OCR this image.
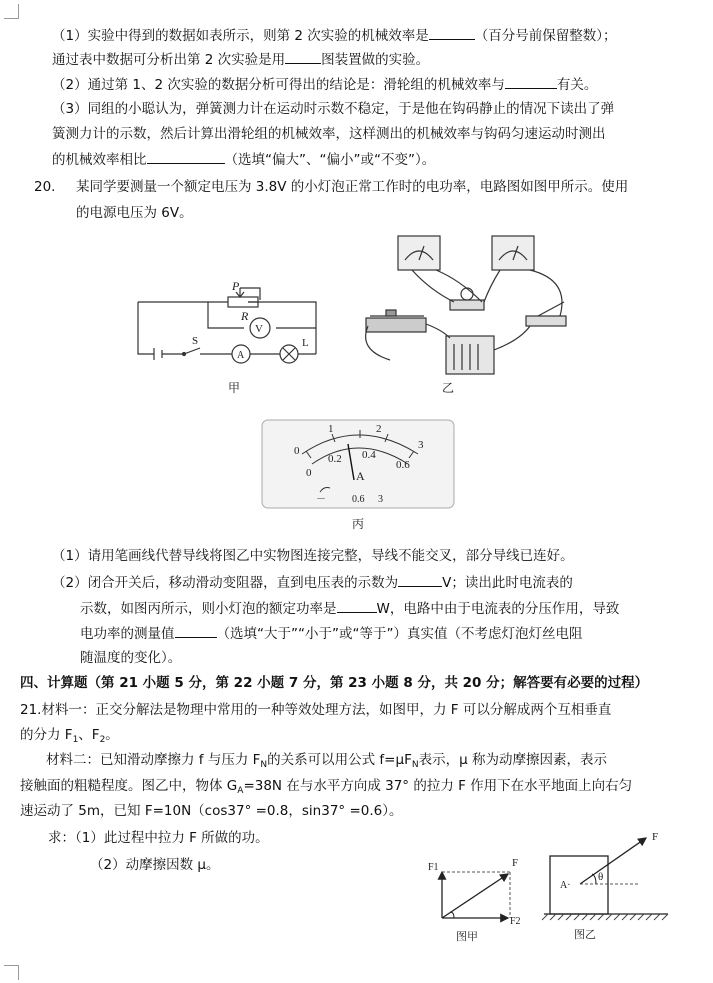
（1）实验中得到的数据如表所示，则第 2 次实验的机械效率是	（百分号前保留整数）；
通过表中数据可分析出第 2 次实验是用	图装置做的实验。
（2）通过第 1、2 次实验的数据分析可得出的结论是：滑轮组的机械效率与	有关。
（3）同组的小聪认为，弹簧测力计在运动时示数不稳定，于是他在钩码静止的情况下读出了弹
簧测力计的示数，然后计算出滑轮组的机械效率，这样测出的机械效率与钩码匀速运动时测出
的机械效率相比	（选填“偏大”、“偏小”或“不变”）。
20. 某同学要测量一个额定电压为 3.8V 的小灯泡正常工作时的电功率，电路图如图甲所示。使用
的电源电压为 6V。
P
R
V
S
A
L
甲	乙
0
1	2
3
0
0.2 0.4
0.6
A
－	0.6 3
丙
（1）请用笔画线代替导线将图乙中实物图连接完整，导线不能交叉，部分导线已连好。
（2）闭合开关后，移动滑动变阻器，直到电压表的示数为	V；读出此时电流表的
示数，如图丙所示，则小灯泡的额定功率是	W，电路中由于电流表的分压作用，导致
电功率的测量值	（选填“大于”“小于”或“等于”）真实值（不考虑灯泡灯丝电阻
随温度的变化）。
四、计算题（第 21 小题 5 分，第 22 小题 7 分，第 23 小题 8 分，共 20 分；解答要有必要的过程）
21.材料一：正交分解法是物理中常用的一种等效处理方法，如图甲，力 F 可以分解成两个互相垂直
的分力 $F_1$、$F_2$。
材料二：已知滑动摩擦力 f 与压力 $F_N$的关系可以用公式 $f=\mu F_N$表示，μ 称为动摩擦因素，表示
接触面的粗糙程度。图乙中，物体 $G_A=38N$ 在与水平方向成 37° 的拉力 F 作用下在水平地面上向右匀
速运动了 5m，已知 F=10N（cos37° =0.8，sin37° =0.6）。
求：（1）此过程中拉力 F 所做的功。
（2）动摩擦因数 μ。	F1	F
F2
图甲
θ
F
A·
图乙
